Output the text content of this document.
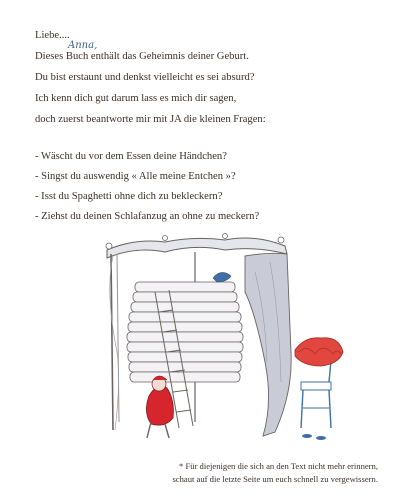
Liebe....
Dieses Buch enthält das Geheimnis deiner Geburt.
Du bist erstaunt und denkst vielleicht es sei absurd?
Ich kenn dich gut darum lass es mich dir sagen,
doch zuerst beantworte mir mit JA die kleinen Fragen:
- Wäscht du vor dem Essen deine Händchen?
- Singst du auswendig « Alle meine Entchen »?
- Isst du Spaghetti ohne dich zu bekleckern?
- Ziehst du deinen Schlafanzug an ohne zu meckern?
Anna,
* Für diejenigen die sich an den Text nicht mehr erinnern,
schaut auf die letzte Seite um euch schnell zu vergewissern.
